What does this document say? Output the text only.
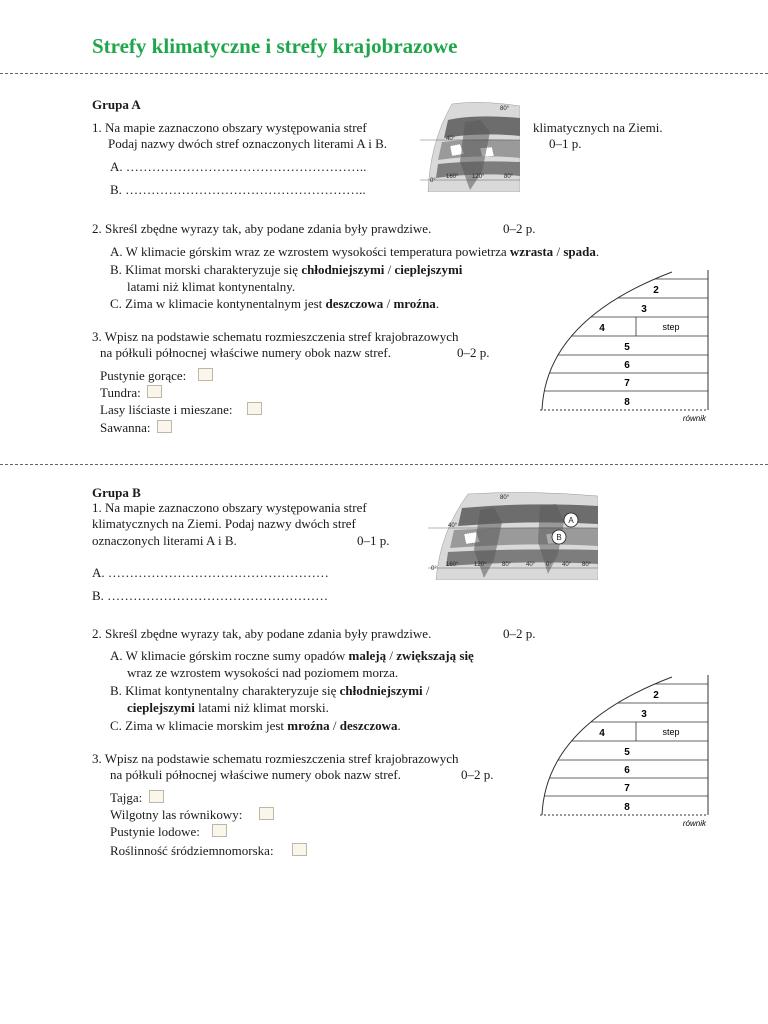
Strefy klimatyczne i strefy krajobrazowe
Grupa A
1. Na mapie zaznaczono obszary występowania stref	klimatycznych na Ziemi.
Podaj nazwy dwóch stref oznaczonych literami A i B.	0–1 p.
A. ………………………………………………..
B. ………………………………………………..
80°
40°
0°
160° 120°	80°
2. Skreśl zbędne wyrazy tak, aby podane zdania były prawdziwe.	0–2 p.
A. W klimacie górskim wraz ze wzrostem wysokości temperatura powietrza wzrasta / spada.
B. Klimat morski charakteryzuje się chłodniejszymi / cieplejszymi
latami niż klimat kontynentalny.
C. Zima w klimacie kontynentalnym jest deszczowa / mroźna.
3. Wpisz na podstawie schematu rozmieszczenia stref krajobrazowych
na półkuli północnej właściwe numery obok nazw stref.	0–2 p.
Pustynie gorące:
Tundra:
Lasy liściaste i mieszane:
Sawanna:
2
3
4	step
5
6
7
8
równik
Grupa B
1. Na mapie zaznaczono obszary występowania stref
klimatycznych na Ziemi. Podaj nazwy dwóch stref
oznaczonych literami A i B.	0–1 p.
A. ……………………………………………
B. ……………………………………………
A
B
80°
40°
0°
160°	120°	80° 40° 0° 40° 80°
2. Skreśl zbędne wyrazy tak, aby podane zdania były prawdziwe.	0–2 p.
A. W klimacie górskim roczne sumy opadów maleją / zwiększają się
wraz ze wzrostem wysokości nad poziomem morza.
B. Klimat kontynentalny charakteryzuje się chłodniejszymi /
cieplejszymi latami niż klimat morski.
C. Zima w klimacie morskim jest mroźna / deszczowa.
3. Wpisz na podstawie schematu rozmieszczenia stref krajobrazowych
na półkuli północnej właściwe numery obok nazw stref.	0–2 p.
Tajga:
Wilgotny las równikowy:
Pustynie lodowe:
Roślinność śródziemnomorska:
2
3
4	step
5
6
7
8
równik
